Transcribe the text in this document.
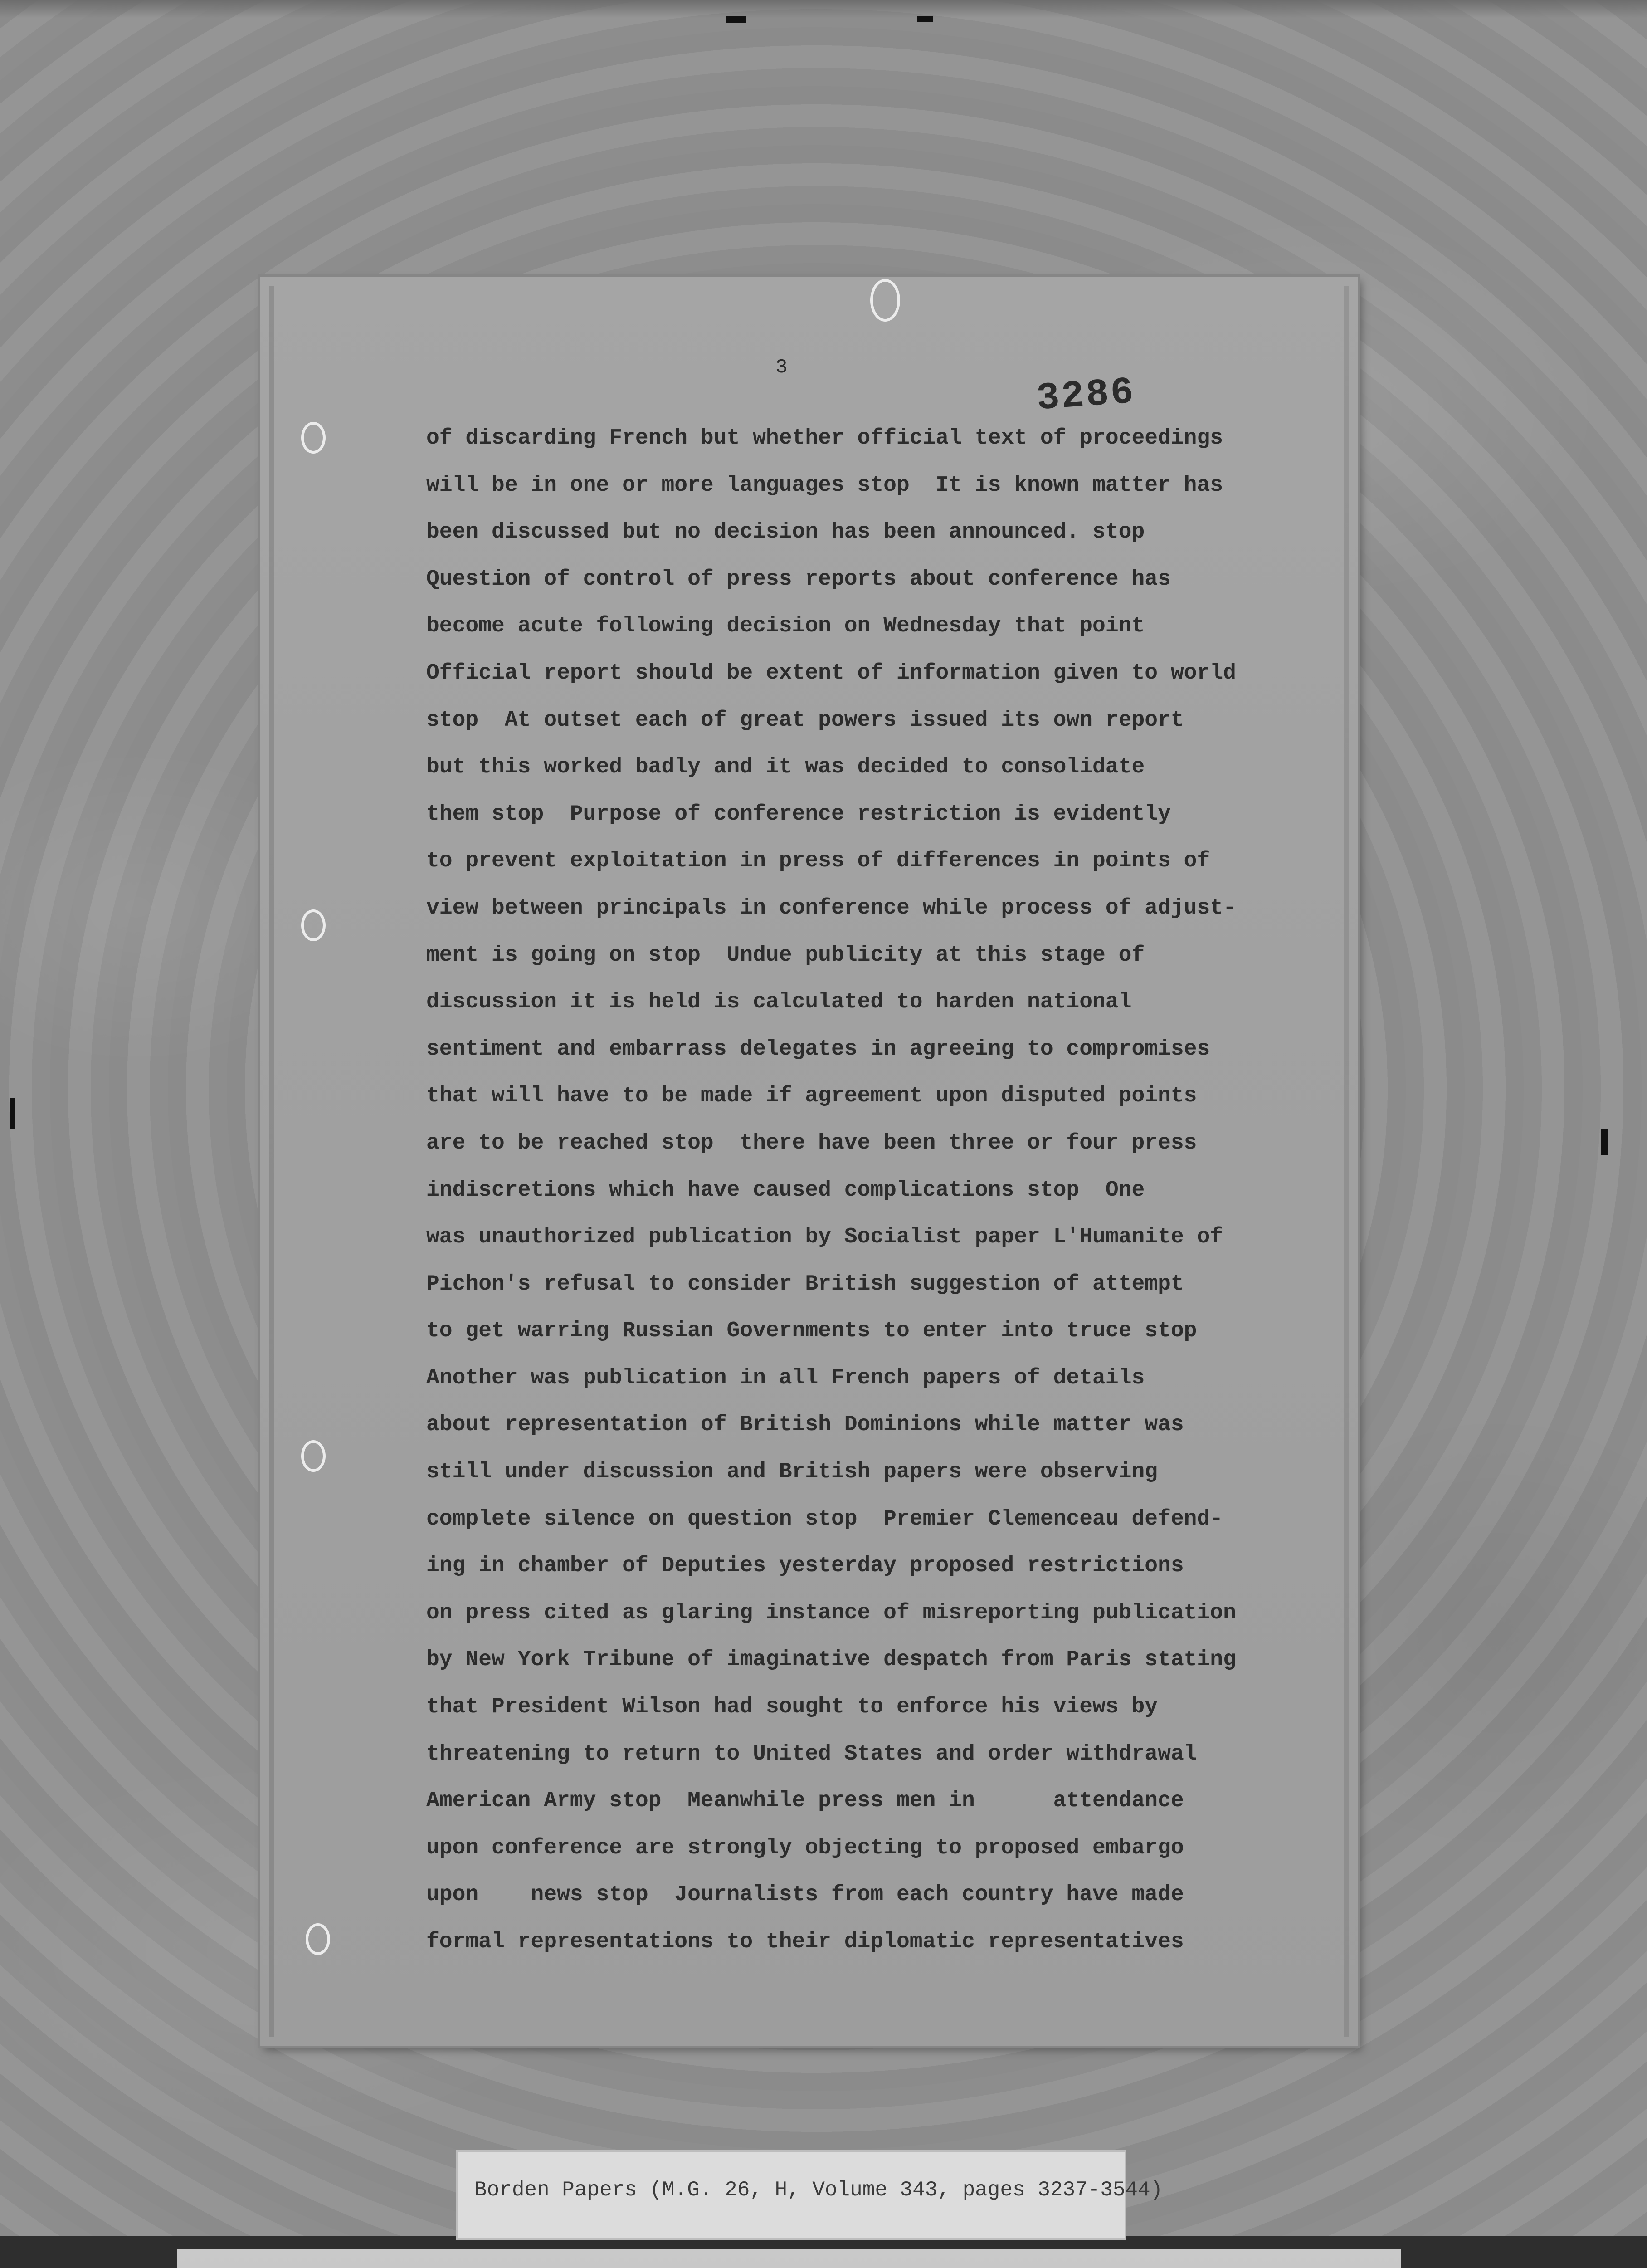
3
3286
of discarding French but whether official text of proceedings
will be in one or more languages stop  It is known matter has
been discussed but no decision has been announced. stop
Question of control of press reports about conference has
become acute following decision on Wednesday that point
Official report should be extent of information given to world
stop  At outset each of great powers issued its own report
but this worked badly and it was decided to consolidate
them stop  Purpose of conference restriction is evidently
to prevent exploitation in press of differences in points of
view between principals in conference while process of adjust-
ment is going on stop  Undue publicity at this stage of
discussion it is held is calculated to harden national
sentiment and embarrass delegates in agreeing to compromises
that will have to be made if agreement upon disputed points
are to be reached stop  there have been three or four press
indiscretions which have caused complications stop  One
was unauthorized publication by Socialist paper L'Humanite of
Pichon's refusal to consider British suggestion of attempt
to get warring Russian Governments to enter into truce stop
Another was publication in all French papers of details
about representation of British Dominions while matter was
still under discussion and British papers were observing
complete silence on question stop  Premier Clemenceau defend-
ing in chamber of Deputies yesterday proposed restrictions
on press cited as glaring instance of misreporting publication
by New York Tribune of imaginative despatch from Paris stating
that President Wilson had sought to enforce his views by
threatening to return to United States and order withdrawal
American Army stop  Meanwhile press men in      attendance
upon conference are strongly objecting to proposed embargo
upon    news stop  Journalists from each country have made
formal representations to their diplomatic representatives
Borden Papers (M.G. 26, H, Volume 343, pages 3237-3544)
